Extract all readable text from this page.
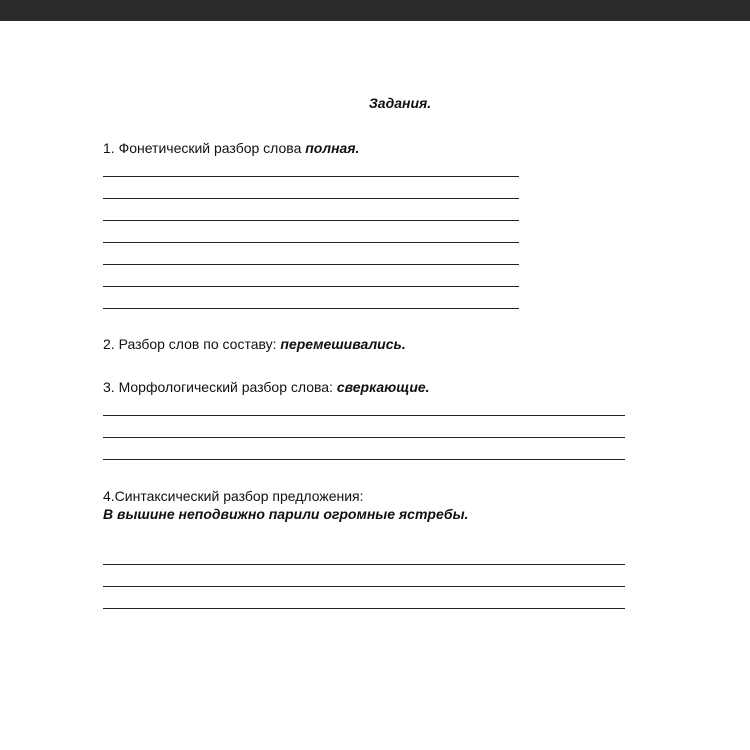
Задания.
1. Фонетический разбор слова полная.
2. Разбор слов по составу: перемешивались.
3. Морфологический разбор слова: сверкающие.
4.Синтаксический разбор предложения:
В вышине неподвижно парили огромные ястребы.
